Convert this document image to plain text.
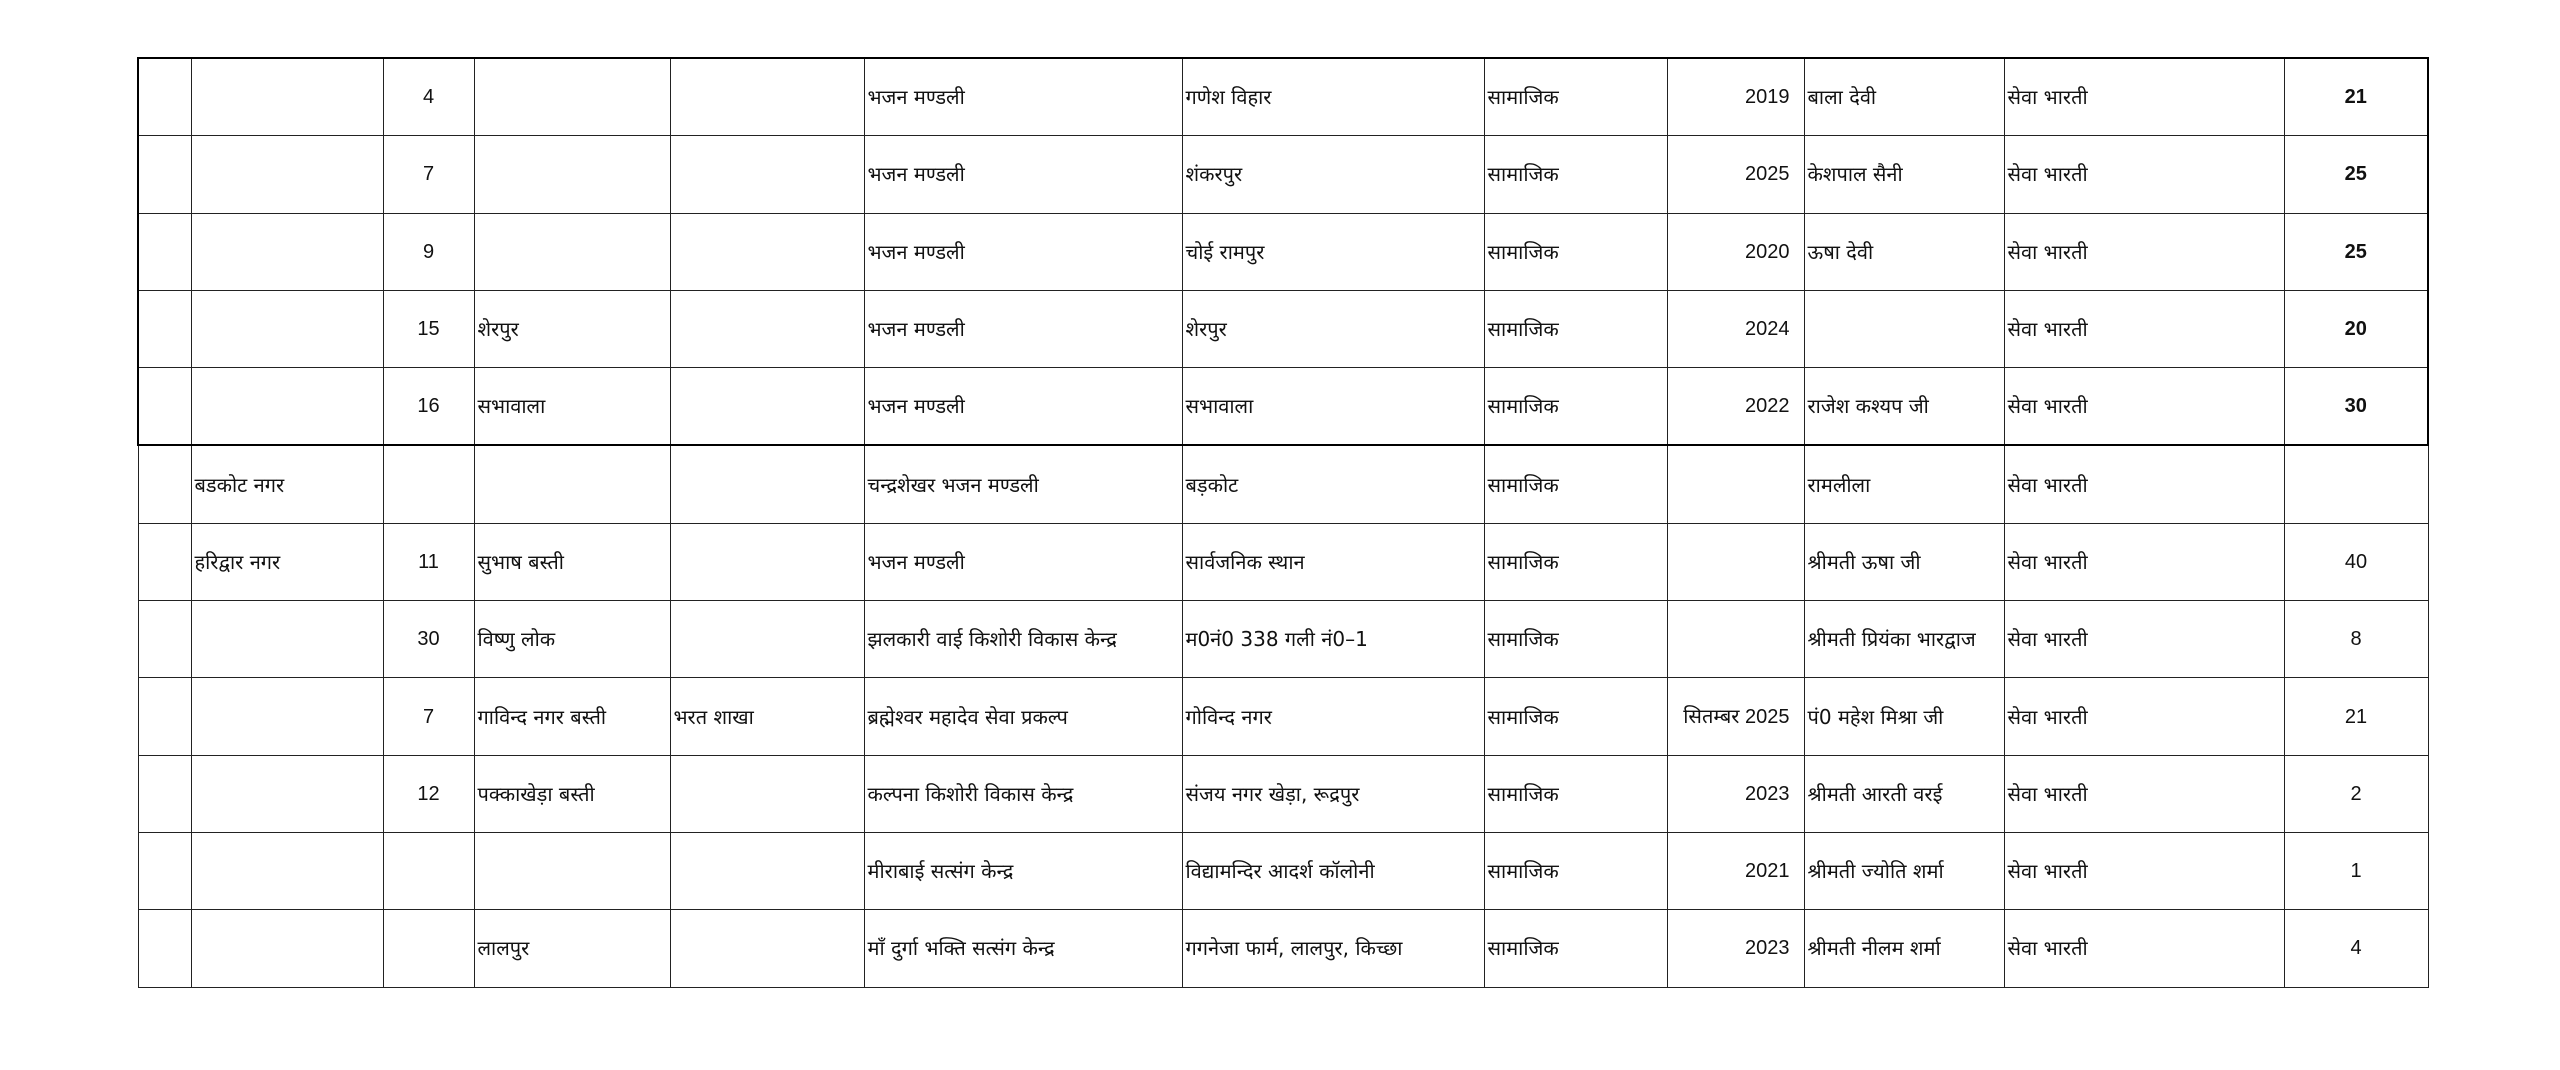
		4			भजन मण्डली	गणेश विहार	सामाजिक	2019	बाला देवी	सेवा भारती	21
		7			भजन मण्डली	शंकरपुर	सामाजिक	2025	केशपाल सैनी	सेवा भारती	25
		9			भजन मण्डली	चोई रामपुर	सामाजिक	2020	ऊषा देवी	सेवा भारती	25
		15	शेरपुर		भजन मण्डली	शेरपुर	सामाजिक	2024		सेवा भारती	20
		16	सभावाला		भजन मण्डली	सभावाला	सामाजिक	2022	राजेश कश्यप जी	सेवा भारती	30
	बडकोट नगर				चन्द्रशेखर भजन मण्डली	बड़कोट	सामाजिक		रामलीला	सेवा भारती	
	हरिद्वार नगर	11	सुभाष बस्ती		भजन मण्डली	सार्वजनिक स्थान	सामाजिक		श्रीमती ऊषा जी	सेवा भारती	40
		30	विष्णु लोक		झलकारी वाई किशोरी विकास केन्द्र	म0नं0 338 गली नं0–1	सामाजिक		श्रीमती प्रियंका भारद्वाज	सेवा भारती	8
		7	गाविन्द नगर बस्ती	भरत शाखा	ब्रह्मेश्वर महादेव सेवा प्रकल्प	गोविन्द नगर	सामाजिक	सितम्बर 2025	पं0 महेश मिश्रा जी	सेवा भारती	21
		12	पक्काखेड़ा बस्ती		कल्पना किशोरी विकास केन्द्र	संजय नगर खेड़ा, रूद्रपुर	सामाजिक	2023	श्रीमती आरती वरई	सेवा भारती	2
					मीराबाई सत्संग केन्द्र	विद्यामन्दिर आदर्श कॉलोनी	सामाजिक	2021	श्रीमती ज्योति शर्मा	सेवा भारती	1
			लालपुर		माँ दुर्गा भक्ति सत्संग केन्द्र	गगनेजा फार्म, लालपुर, किच्छा	सामाजिक	2023	श्रीमती नीलम शर्मा	सेवा भारती	4
